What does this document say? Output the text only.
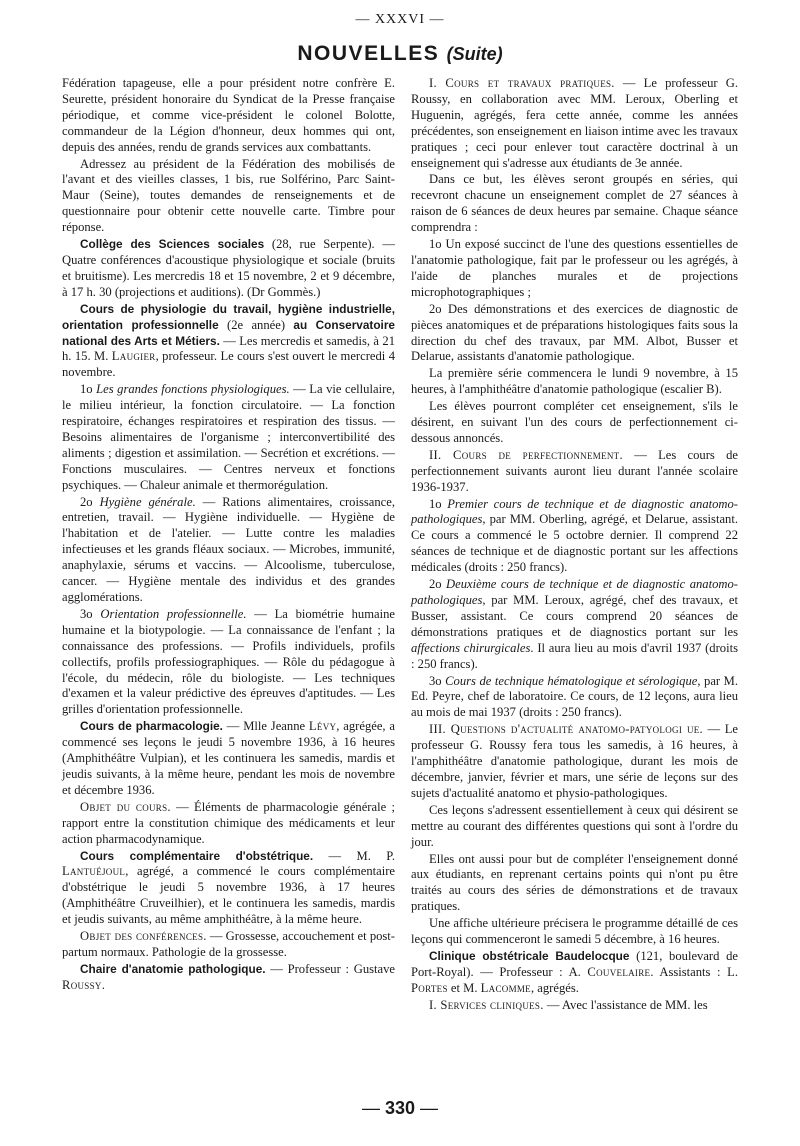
— XXXVI —
NOUVELLES (Suite)

Fédération tapageuse, elle a pour président notre confrère E. Seurette, président honoraire du Syndicat de la Presse française périodique, et comme vice-président le colonel Bolotte, commandeur de la Légion d'honneur, deux hommes qui ont, depuis des années, rendu de grands services aux combattants.

Adressez au président de la Fédération des mobilisés de l'avant et des vieilles classes, 1 bis, rue Solférino, Parc Saint-Maur (Seine), toutes demandes de renseignements et de questionnaire pour obtenir cette nouvelle carte. Timbre pour réponse.

Collège des Sciences sociales (28, rue Serpente). — Quatre conférences d'acoustique physiologique et sociale (bruits et bruitisme). Les mercredis 18 et 15 novembre, 2 et 9 décembre, à 17 h. 30 (projections et auditions). (Dr Gommès.)

Cours de physiologie du travail, hygiène industrielle, orientation professionnelle (2e année) au Conservatoire national des Arts et Métiers. — Les mercredis et samedis, à 21 h. 15. M. Laugier, professeur. Le cours s'est ouvert le mercredi 4 novembre.

1o Les grandes fonctions physiologiques. — La vie cellulaire, le milieu intérieur, la fonction circulatoire. — La fonction respiratoire, échanges respiratoires et respiration des tissus. — Besoins alimentaires de l'organisme ; interconvertibilité des aliments ; digestion et assimilation. — Secrétion et excrétions. — Fonctions musculaires. — Centres nerveux et fonctions psychiques. — Chaleur animale et thermorégulation.

2o Hygiène générale. — Rations alimentaires, croissance, entretien, travail. — Hygiène individuelle. — Hygiène de l'habitation et de l'atelier. — Lutte contre les maladies infectieuses et les grands fléaux sociaux. — Microbes, immunité, anaphylaxie, sérums et vaccins. — Alcoolisme, tuberculose, cancer. — Hygiène mentale des individus et des grandes agglomérations.

3o Orientation professionnelle. — La biométrie humaine humaine et la biotypologie. — La connaissance de l'enfant ; la connaissance des professions. — Profils individuels, profils collectifs, profils professiographiques. — Rôle du pédagogue à l'école, du médecin, rôle du biologiste. — Les techniques d'examen et la valeur prédictive des épreuves d'aptitudes. — Les grilles d'orientation professionnelle.

Cours de pharmacologie. — Mlle Jeanne Lévy, agrégée, a commencé ses leçons le jeudi 5 novembre 1936, à 16 heures (Amphithéâtre Vulpian), et les continuera les samedis, mardis et jeudis suivants, à la même heure, pendant les mois de novembre et décembre 1936.

Objet du cours. — Éléments de pharmacologie générale ; rapport entre la constitution chimique des médicaments et leur action pharmacodynamique.

Cours complémentaire d'obstétrique. — M. P. Lantuéjoul, agrégé, a commencé le cours complémentaire d'obstétrique le jeudi 5 novembre 1936, à 17 heures (Amphithéâtre Cruveilhier), et le continuera les samedis, mardis et jeudis suivants, au même amphithéâtre, à la même heure.

Objet des conférences. — Grossesse, accouchement et post-partum normaux. Pathologie de la grossesse.

Chaire d'anatomie pathologique. — Professeur : Gustave Roussy.

I. Cours et travaux pratiques. — Le professeur G. Roussy, en collaboration avec MM. Leroux, Oberling et Huguenin, agrégés, fera cette année, comme les années précédentes, son enseignement en liaison intime avec les travaux pratiques ; ceci pour enlever tout caractère doctrinal à un enseignement qui s'adresse aux étudiants de 3e année.

Dans ce but, les élèves seront groupés en séries, qui recevront chacune un enseignement complet de 27 séances à raison de 6 séances de deux heures par semaine. Chaque séance comprendra :

1o Un exposé succinct de l'une des questions essentielles de l'anatomie pathologique, fait par le professeur ou les agrégés, à l'aide de planches murales et de projections microphotographiques ;

2o Des démonstrations et des exercices de diagnostic de pièces anatomiques et de préparations histologiques faits sous la direction du chef des travaux, par MM. Albot, Busser et Delarue, assistants d'anatomie pathologique.

La première série commencera le lundi 9 novembre, à 15 heures, à l'amphithéâtre d'anatomie pathologique (escalier B).

Les élèves pourront compléter cet enseignement, s'ils le désirent, en suivant l'un des cours de perfectionnement ci-dessous annoncés.

II. Cours de perfectionnement. — Les cours de perfectionnement suivants auront lieu durant l'année scolaire 1936-1937.

1o Premier cours de technique et de diagnostic anatomo-pathologiques, par MM. Oberling, agrégé, et Delarue, assistant. Ce cours a commencé le 5 octobre dernier. Il comprend 22 séances de technique et de diagnostic portant sur les affections médicales (droits : 250 francs).

2o Deuxième cours de technique et de diagnostic anatomo-pathologiques, par MM. Leroux, agrégé, chef des travaux, et Busser, assistant. Ce cours comprend 20 séances de démonstrations pratiques et de diagnostics portant sur les affections chirurgicales. Il aura lieu au mois d'avril 1937 (droits : 250 francs).

3o Cours de technique hématologique et sérologique, par M. Ed. Peyre, chef de laboratoire. Ce cours, de 12 leçons, aura lieu au mois de mai 1937 (droits : 250 francs).

III. Questions d'actualité anatomo-patyologi ue. — Le professeur G. Roussy fera tous les samedis, à 16 heures, à l'amphithéâtre d'anatomie pathologique, durant les mois de décembre, janvier, février et mars, une série de leçons sur des sujets d'actualité anatomo et physio-pathologiques.

Ces leçons s'adressent essentiellement à ceux qui désirent se mettre au courant des différentes questions qui sont à l'ordre du jour.

Elles ont aussi pour but de compléter l'enseignement donné aux étudiants, en reprenant certains points qui n'ont pu être traités au cours des séries de démonstrations et de travaux pratiques.

Une affiche ultérieure précisera le programme détaillé de ces leçons qui commenceront le samedi 5 décembre, à 16 heures.

Clinique obstétricale Baudelocque (121, boulevard de Port-Royal). — Professeur : A. Couvelaire. Assistants : L. Portes et M. Lacomme, agrégés.

I. Services cliniques. — Avec l'assistance de MM. les

— 330 —
